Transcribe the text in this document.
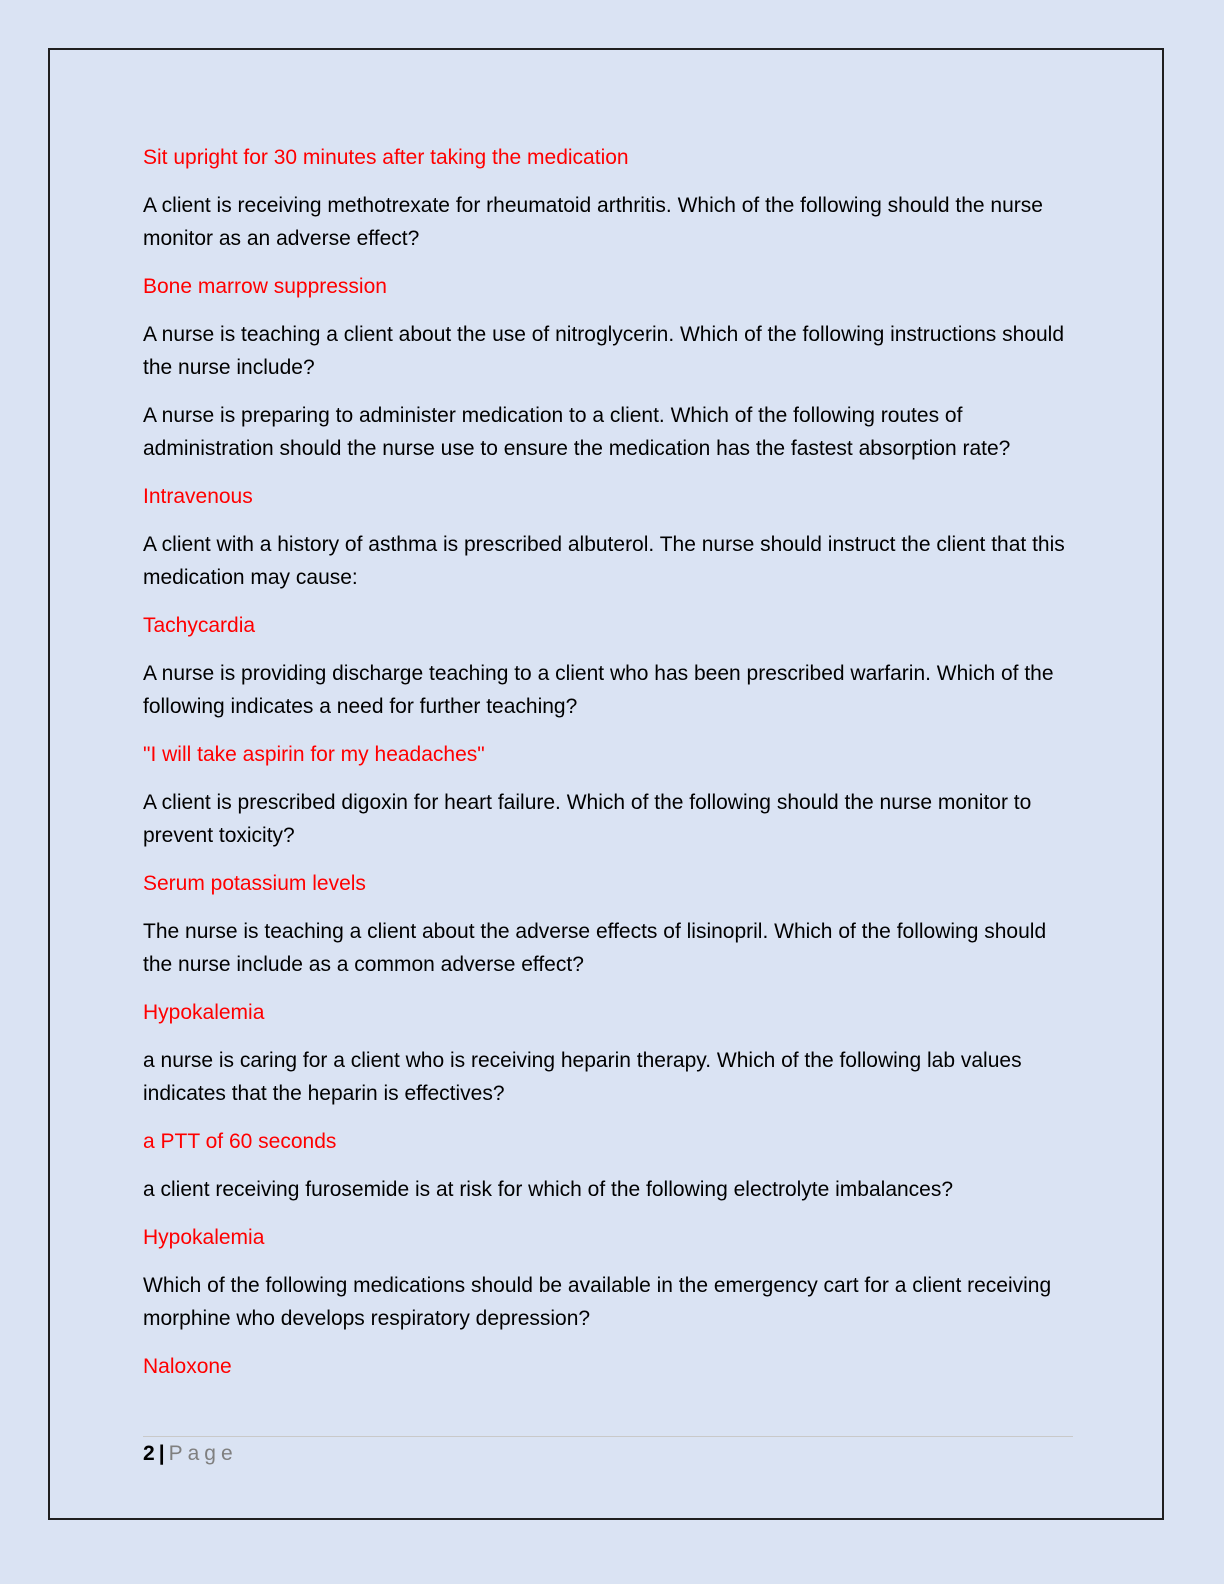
Sit upright for 30 minutes after taking the medication

A client is receiving methotrexate for rheumatoid arthritis. Which of the following should the nurse monitor as an adverse effect?

Bone marrow suppression

A nurse is teaching a client about the use of nitroglycerin. Which of the following instructions should the nurse include?

A nurse is preparing to administer medication to a client. Which of the following routes of administration should the nurse use to ensure the medication has the fastest absorption rate?

Intravenous

A client with a history of asthma is prescribed albuterol. The nurse should instruct the client that this medication may cause:

Tachycardia

A nurse is providing discharge teaching to a client who has been prescribed warfarin. Which of the following indicates a need for further teaching?

"I will take aspirin for my headaches"

A client is prescribed digoxin for heart failure. Which of the following should the nurse monitor to prevent toxicity?

Serum potassium levels

The nurse is teaching a client about the adverse effects of lisinopril. Which of the following should the nurse include as a common adverse effect?

Hypokalemia

a nurse is caring for a client who is receiving heparin therapy. Which of the following lab values indicates that the heparin is effectives?

a PTT of 60 seconds

a client receiving furosemide is at risk for which of the following electrolyte imbalances?

Hypokalemia

Which of the following medications should be available in the emergency cart for a client receiving morphine who develops respiratory depression?

Naloxone

2 | Page
